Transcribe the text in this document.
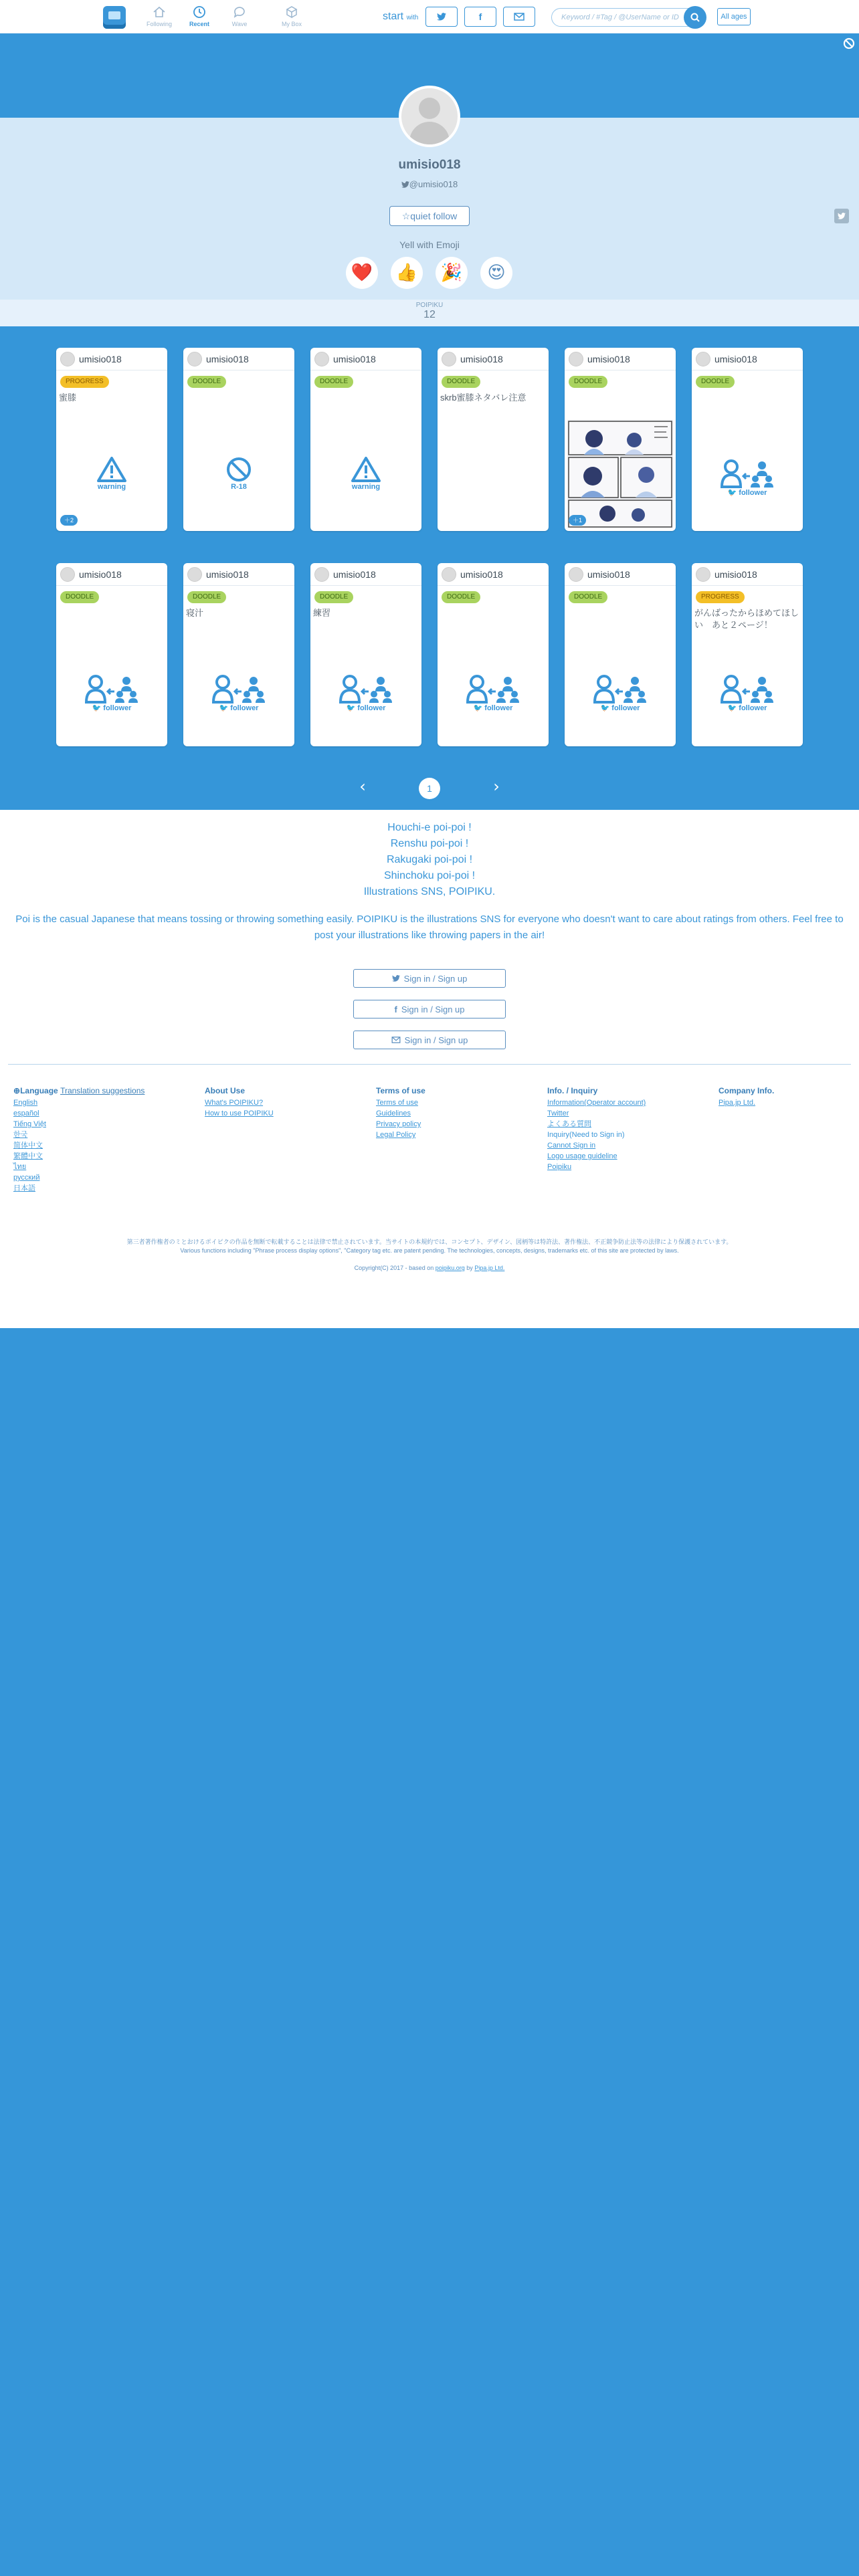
Following	Recent	Wave	My Box
start with	f	Keyword / #Tag / @UserName or ID	All ages
umisio018
@umisio018
☆quiet follow
Yell with Emoji
❤️	👍	🎉	😍
POIPIKU
12
umisio018
PROGRESS
蜜膝
warning
＋2
umisio018
DOODLE
R-18
umisio018
DOODLE
warning
umisio018
DOODLE
skrb蜜膝ネタバレ注意
umisio018
DOODLE
＋1
umisio018
DOODLE
🐦 follower
umisio018
DOODLE
🐦 follower
umisio018
DOODLE
寝汁
🐦 follower
umisio018
DOODLE
練習
🐦 follower
umisio018
DOODLE
🐦 follower
umisio018
DOODLE
🐦 follower
umisio018
PROGRESS
がんばったからほめてほしい　あと２ページ！
🐦 follower
‹	1	›
Houchi-e poi-poi !
Renshu poi-poi !
Rakugaki poi-poi !
Shinchoku poi-poi !
Illustrations SNS, POIPIKU.
Poi is the casual Japanese that means tossing or throwing something easily. POIPIKU is the illustrations SNS for everyone who doesn't want to care about ratings from others. Feel free to post your illustrations like throwing papers in the air!
Sign in / Sign up
f Sign in / Sign up
Sign in / Sign up
⊕Language Translation suggestions
English
español
Tiếng Việt
한국
简体中文
繁體中文
ไทย
русский
日本語
About Use
What's POIPIKU?
How to use POIPIKU
Terms of use
Terms of use
Guidelines
Privacy policy
Legal Policy
Info. / Inquiry
Information(Operator account)
Twitter
よくある質問
Inquiry(Need to Sign in)
Cannot Sign in
Logo usage guideline
Poipiku
Company Info.
Pipa.jp Ltd.
第三者著作権者のミとおけるポイピクの作品を無断で転載することは法律で禁止されています。当サイトの本規約では、コンセプト、デザイン、図柄等は特許法、著作権法、不正競争防止法等の法律により保護されています。
Various functions including "Phrase process display options", "Category tag etc. are patent pending. The technologies, concepts, designs, trademarks etc. of this site are protected by laws.
Copyright(C) 2017 - based on poipiku.org by Pipa.jp Ltd.
